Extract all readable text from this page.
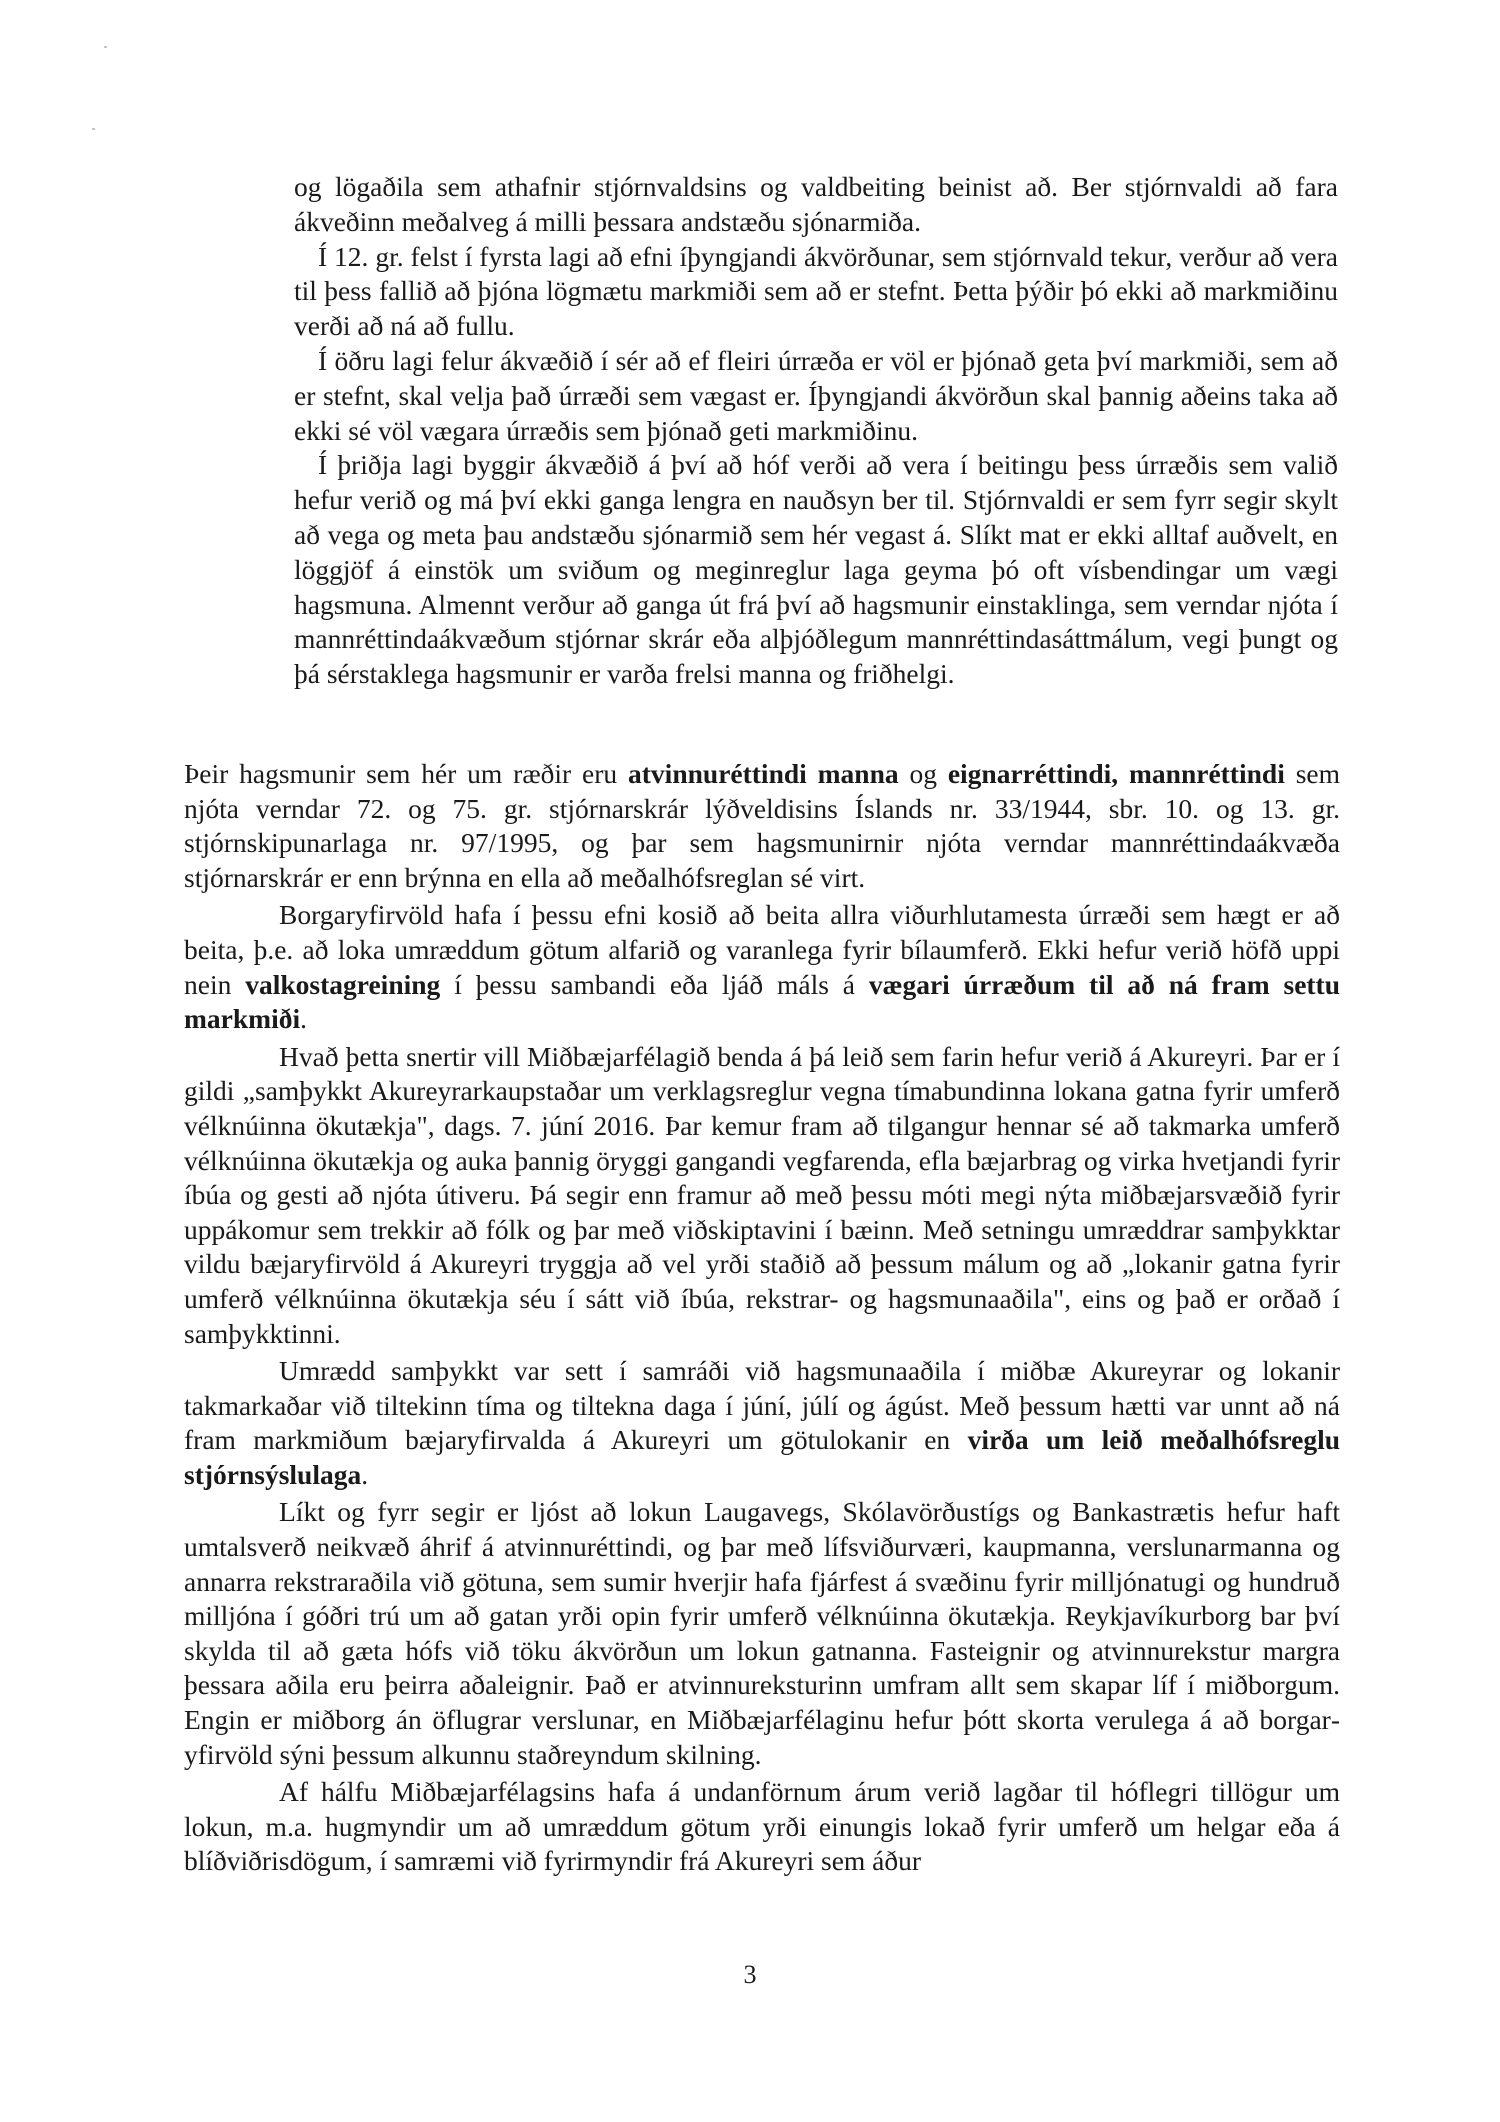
og lögaðila sem athafnir stjórnvaldsins og valdbeiting beinist að. Ber stjórnvaldi að fara ákveðinn meðalveg á milli þessara andstæðu sjónarmiða.

Í 12. gr. felst í fyrsta lagi að efni íþyngjandi ákvörðunar, sem stjórnvald tekur, verður að vera til þess fallið að þjóna lögmætu markmiði sem að er stefnt. Þetta þýðir þó ekki að markmiðinu verði að ná að fullu.

Í öðru lagi felur ákvæðið í sér að ef fleiri úrræða er völ er þjónað geta því markmiði, sem að er stefnt, skal velja það úrræði sem vægast er. Íþyngjandi ákvörðun skal þannig aðeins taka að ekki sé völ vægara úrræðis sem þjónað geti markmiðinu.

Í þriðja lagi byggir ákvæðið á því að hóf verði að vera í beitingu þess úrræðis sem valið hefur verið og má því ekki ganga lengra en nauðsyn ber til. Stjórnvaldi er sem fyrr segir skylt að vega og meta þau andstæðu sjónarmið sem hér vegast á. Slíkt mat er ekki alltaf auðvelt, en löggjöf á einstök um sviðum og meginreglur laga geyma þó oft vísbendingar um vægi hagsmuna. Almennt verður að ganga út frá því að hagsmunir einstaklinga, sem verndar njóta í mannréttindaákvæðum stjórnar skrár eða alþjóðlegum mannréttindasáttmálum, vegi þungt og þá sérstaklega hagsmunir er varða frelsi manna og friðhelgi.

Þeir hagsmunir sem hér um ræðir eru atvinnuréttindi manna og eignarréttindi, mannréttindi sem njóta verndar 72. og 75. gr. stjórnarskrár lýðveldisins Íslands nr. 33/1944, sbr. 10. og 13. gr. stjórnskipunarlaga nr. 97/1995, og þar sem hagsmunirnir njóta verndar mannréttindaákvæða stjórnarskrár er enn brýnna en ella að meðalhófsreglan sé virt.

Borgaryfirvöld hafa í þessu efni kosið að beita allra viðurhlutamesta úrræði sem hægt er að beita, þ.e. að loka umræddum götum alfarið og varanlega fyrir bílaumferð. Ekki hefur verið höfð uppi nein valkostagreining í þessu sambandi eða ljáð máls á vægari úrræðum til að ná fram settu markmiði.

Hvað þetta snertir vill Miðbæjarfélagið benda á þá leið sem farin hefur verið á Akureyri. Þar er í gildi „samþykkt Akureyrarkaupstaðar um verklagsreglur vegna tímabundinna lokana gatna fyrir umferð vélknúinna ökutækja", dags. 7. júní 2016. Þar kemur fram að tilgangur hennar sé að takmarka umferð vélknúinna ökutækja og auka þannig öryggi gangandi vegfarenda, efla bæjarbrag og virka hvetjandi fyrir íbúa og gesti að njóta útiveru. Þá segir enn framur að með þessu móti megi nýta miðbæjarsvæðið fyrir uppákomur sem trekkir að fólk og þar með viðskiptavini í bæinn. Með setningu umræddrar samþykktar vildu bæjaryfirvöld á Akureyri tryggja að vel yrði staðið að þessum málum og að „lokanir gatna fyrir umferð vélknúinna ökutækja séu í sátt við íbúa, rekstrar- og hagsmunaaðila", eins og það er orðað í samþykktinni.

Umrædd samþykkt var sett í samráði við hagsmunaaðila í miðbæ Akureyrar og lokanir takmarkaðar við tiltekinn tíma og tiltekna daga í júní, júlí og ágúst. Með þessum hætti var unnt að ná fram markmiðum bæjaryfirvalda á Akureyri um götulokanir en virða um leið meðalhófsreglu stjórnsýslulaga.

Líkt og fyrr segir er ljóst að lokun Laugavegs, Skólavörðustígs og Bankastrætis hefur haft umtalsverð neikvæð áhrif á atvinnuréttindi, og þar með lífsviðurværi, kaupmanna, verslunarmanna og annarra rekstraraðila við götuna, sem sumir hverjir hafa fjárfest á svæðinu fyrir milljónatugi og hundruð milljóna í góðri trú um að gatan yrði opin fyrir umferð vélknúinna ökutækja. Reykjavíkurborg bar því skylda til að gæta hófs við töku ákvörðun um lokun gatnanna. Fasteignir og atvinnurekstur margra þessara aðila eru þeirra aðaleignir. Það er atvinnureksturinn umfram allt sem skapar líf í miðborgum. Engin er miðborg án öflugrar verslunar, en Miðbæjarfélaginu hefur þótt skorta verulega á að borgaryfirvöld sýni þessum alkunnu staðreyndum skilning.

Af hálfu Miðbæjarfélagsins hafa á undanförnum árum verið lagðar til hóflegri tillögur um lokun, m.a. hugmyndir um að umræddum götum yrði einungis lokað fyrir umferð um helgar eða á blíðviðrisdögum, í samræmi við fyrirmyndir frá Akureyri sem áður

3
